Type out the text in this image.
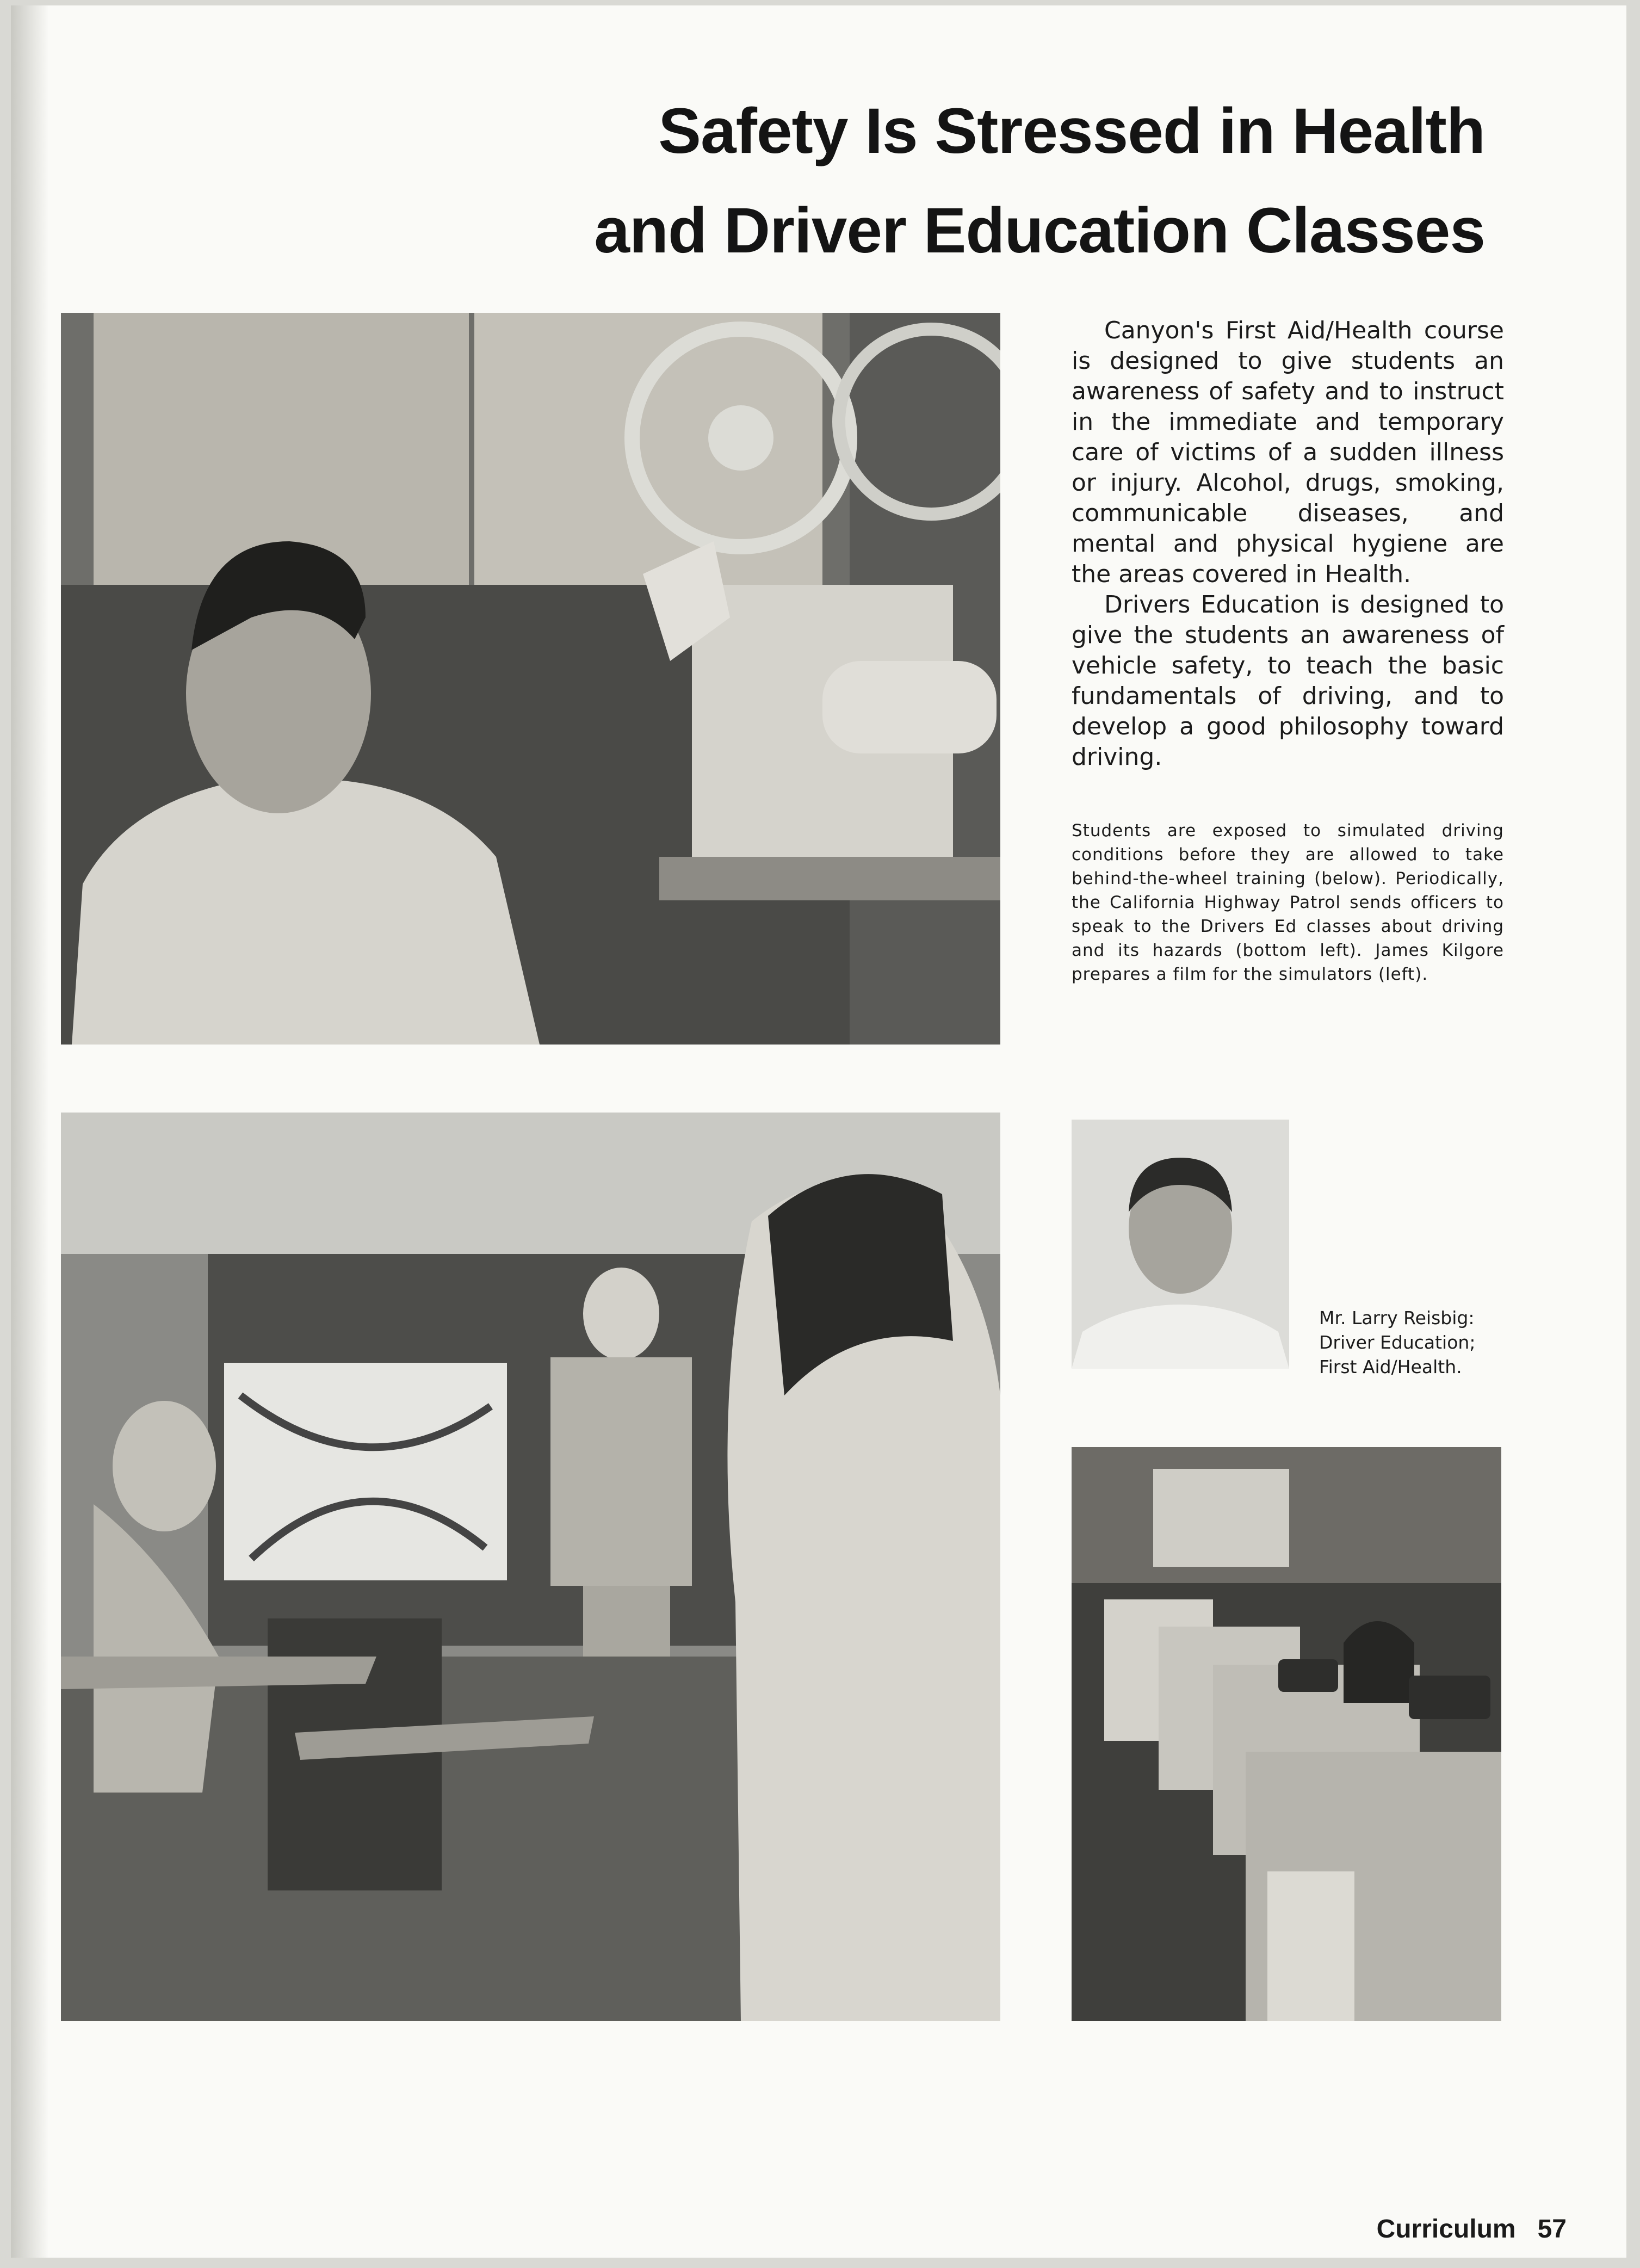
Safety Is Stressed in Health
and Driver Education Classes

Canyon's First Aid/Health course is designed to give students an awareness of safety and to instruct in the immediate and temporary care of victims of a sudden illness or injury. Alcohol, drugs, smoking, communicable diseases, and mental and physical hygiene are the areas covered in Health.

Drivers Education is designed to give the students an awareness of vehicle safety, to teach the basic fundamentals of driving, and to develop a good philosophy toward driving.

Students are exposed to simulated driving conditions before they are allowed to take behind-the-wheel training (below). Periodically, the California Highway Patrol sends officers to speak to the Drivers Ed classes about driving and its hazards (bottom left). James Kilgore prepares a film for the simulators (left).
Mr. Larry Reisbig:
Driver Education;
First Aid/Health.
Curriculum 57
